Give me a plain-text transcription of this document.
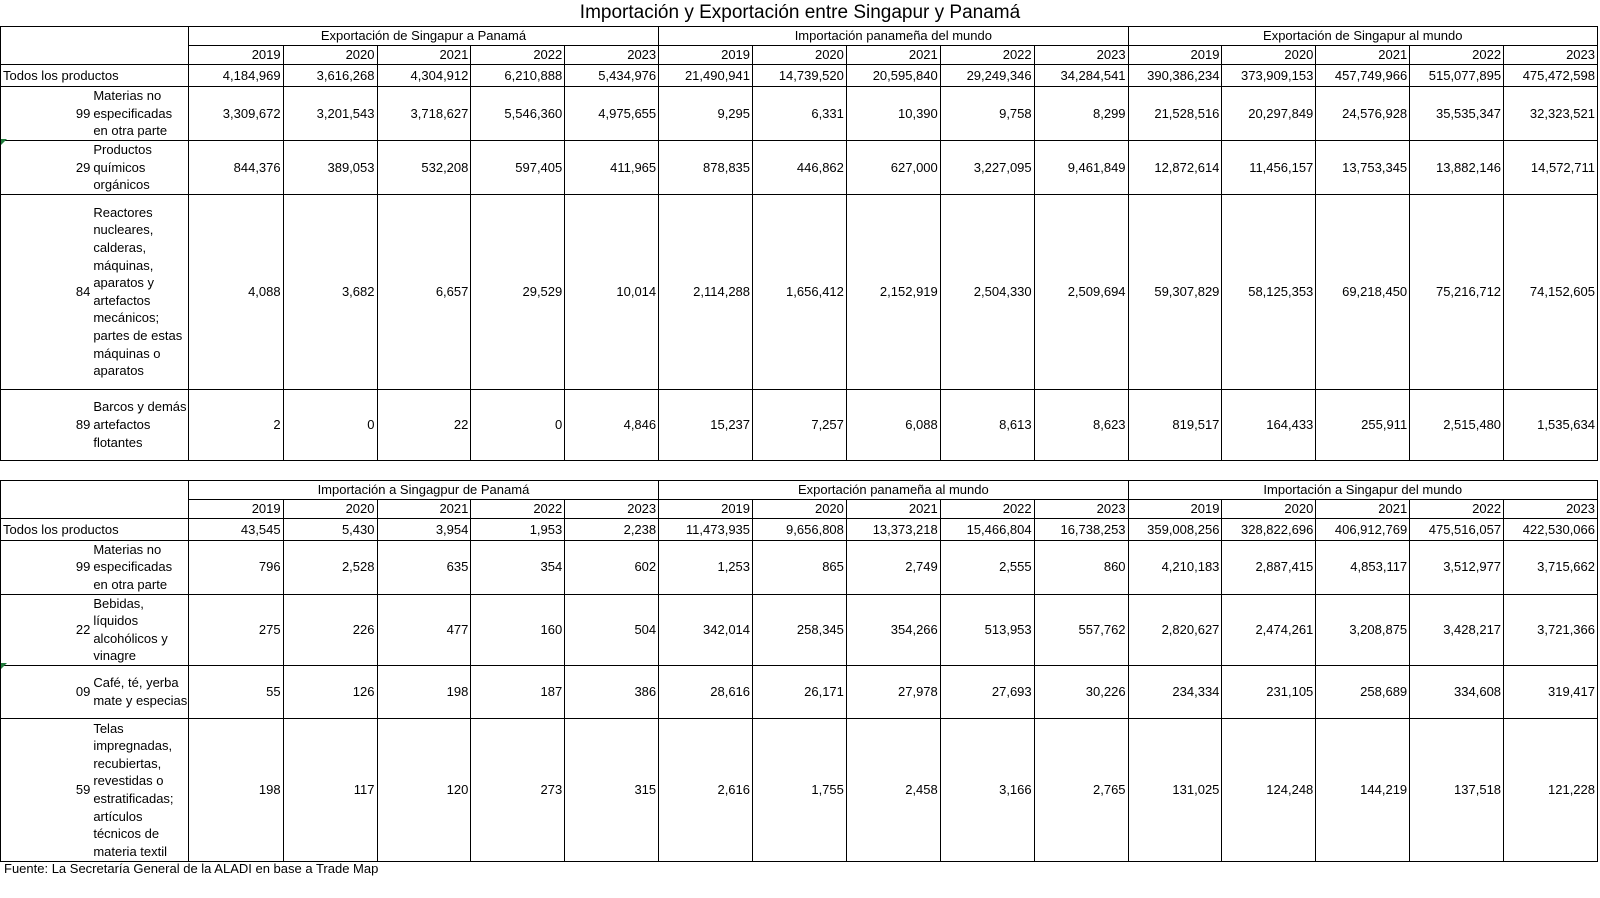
Importación y Exportación entre Singapur y Panamá
		Exportación de Singapur a Panamá					Importación panameña del mundo					Exportación de Singapur al mundo				
		2019	2020	2021	2022	2023	2019	2020	2021	2022	2023	2019	2020	2021	2022	2023
Todos los productos		4,184,969	3,616,268	4,304,912	6,210,888	5,434,976	21,490,941	14,739,520	20,595,840	29,249,346	34,284,541	390,386,234	373,909,153	457,749,966	515,077,895	475,472,598
99	Materias no especificadas en otra parte	3,309,672	3,201,543	3,718,627	5,546,360	4,975,655	9,295	6,331	10,390	9,758	8,299	21,528,516	20,297,849	24,576,928	35,535,347	32,323,521
29	Productos químicos orgánicos	844,376	389,053	532,208	597,405	411,965	878,835	446,862	627,000	3,227,095	9,461,849	12,872,614	11,456,157	13,753,345	13,882,146	14,572,711
84	Reactores nucleares, calderas, máquinas, aparatos y artefactos mecánicos; partes de estas máquinas o aparatos	4,088	3,682	6,657	29,529	10,014	2,114,288	1,656,412	2,152,919	2,504,330	2,509,694	59,307,829	58,125,353	69,218,450	75,216,712	74,152,605
89	Barcos y demás artefactos flotantes	2	0	22	0	4,846	15,237	7,257	6,088	8,613	8,623	819,517	164,433	255,911	2,515,480	1,535,634

		Importación a Singagpur de Panamá					Exportación panameña al mundo					Importación a Singapur del mundo				
		2019	2020	2021	2022	2023	2019	2020	2021	2022	2023	2019	2020	2021	2022	2023
Todos los productos		43,545	5,430	3,954	1,953	2,238	11,473,935	9,656,808	13,373,218	15,466,804	16,738,253	359,008,256	328,822,696	406,912,769	475,516,057	422,530,066
99	Materias no especificadas en otra parte	796	2,528	635	354	602	1,253	865	2,749	2,555	860	4,210,183	2,887,415	4,853,117	3,512,977	3,715,662
22	Bebidas, líquidos alcohólicos y vinagre	275	226	477	160	504	342,014	258,345	354,266	513,953	557,762	2,820,627	2,474,261	3,208,875	3,428,217	3,721,366
09	Café, té, yerba mate y especias	55	126	198	187	386	28,616	26,171	27,978	27,693	30,226	234,334	231,105	258,689	334,608	319,417
59	Telas impregnadas, recubiertas, revestidas o estratificadas; artículos técnicos de materia textil	198	117	120	273	315	2,616	1,755	2,458	3,166	2,765	131,025	124,248	144,219	137,518	121,228
Fuente: La Secretaría General de la ALADI en base a Trade Map
